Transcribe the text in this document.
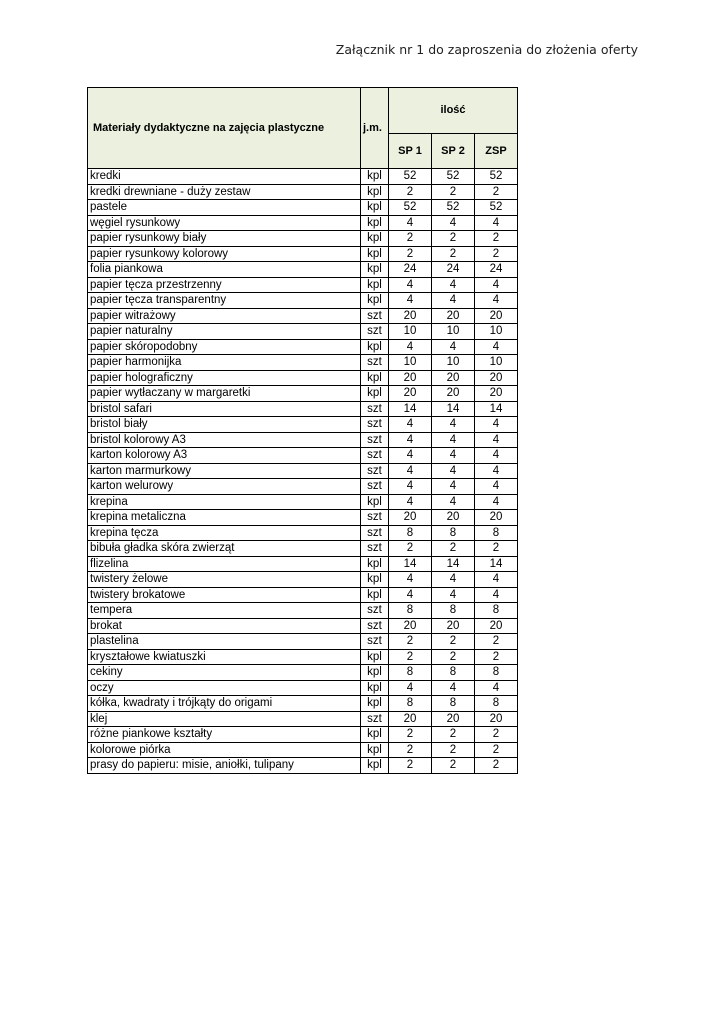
Załącznik nr 1 do zaproszenia do złożenia oferty
Materiały dydaktyczne na zajęcia plastyczne	j.m.	ilość		
		SP 1	SP 2	ZSP
kredki	kpl	52	52	52
kredki drewniane - duży zestaw	kpl	2	2	2
pastele	kpl	52	52	52
węgiel rysunkowy	kpl	4	4	4
papier rysunkowy biały	kpl	2	2	2
papier rysunkowy kolorowy	kpl	2	2	2
folia piankowa	kpl	24	24	24
papier tęcza przestrzenny	kpl	4	4	4
papier tęcza transparentny	kpl	4	4	4
papier witrażowy	szt	20	20	20
papier naturalny	szt	10	10	10
papier skóropodobny	kpl	4	4	4
papier harmonijka	szt	10	10	10
papier holograficzny	kpl	20	20	20
papier wytłaczany w margaretki	kpl	20	20	20
bristol safari	szt	14	14	14
bristol biały	szt	4	4	4
bristol kolorowy A3	szt	4	4	4
karton kolorowy A3	szt	4	4	4
karton marmurkowy	szt	4	4	4
karton welurowy	szt	4	4	4
krepina	kpl	4	4	4
krepina metaliczna	szt	20	20	20
krepina tęcza	szt	8	8	8
bibuła gładka skóra zwierząt	szt	2	2	2
flizelina	kpl	14	14	14
twistery żelowe	kpl	4	4	4
twistery brokatowe	kpl	4	4	4
tempera	szt	8	8	8
brokat	szt	20	20	20
plastelina	szt	2	2	2
kryształowe kwiatuszki	kpl	2	2	2
cekiny	kpl	8	8	8
oczy	kpl	4	4	4
kółka, kwadraty i trójkąty do origami	kpl	8	8	8
klej	szt	20	20	20
różne piankowe kształty	kpl	2	2	2
kolorowe piórka	kpl	2	2	2
prasy do papieru: misie, aniołki, tulipany	kpl	2	2	2
